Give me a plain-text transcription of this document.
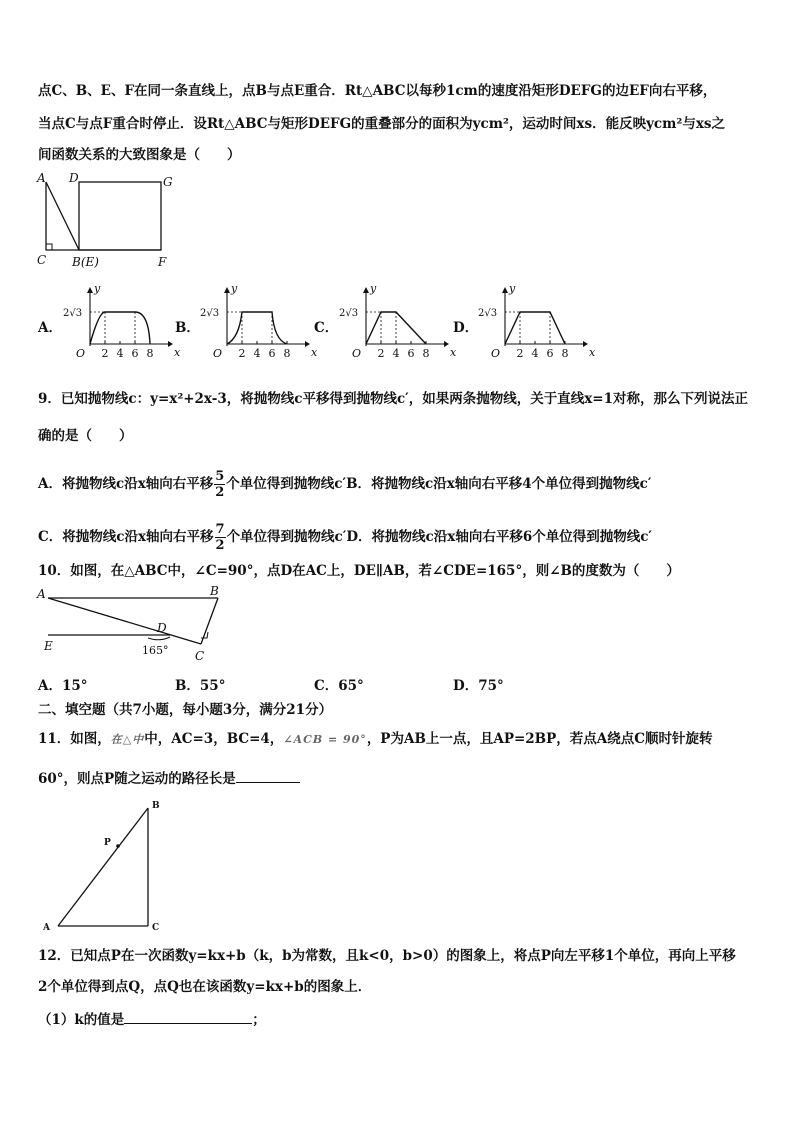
点C、B、E、F在同一条直线上，点B与点E重合．Rt△ABC以每秒1cm的速度沿矩形DEFG的边EF向右平移，
当点C与点F重合时停止．设Rt△ABC与矩形DEFG的重叠部分的面积为ycm²，运动时间xs．能反映ycm²与xs之
间函数关系的大致图象是（　　）
A D	G
C B(E)	F
A．	B．	C．	D．
y
x
O
2√3
2 4 6 8
y
x
O
2√3
2 4 6 8
y
x
O
2√3
2 4 6 8
y
x
O
2√3
2 4 6 8
9．已知抛物线c：y=x²+2x-3，将抛物线c平移得到抛物线c′，如果两条抛物线，关于直线x=1对称，那么下列说法正
确的是（　　）
A．将抛物线c沿x轴向右平移 $\frac{5}{2}$ 个单位得到抛物线c′B．将抛物线c沿x轴向右平移4个单位得到抛物线c′
C．将抛物线c沿x轴向右平移 $\frac{7}{2}$ 个单位得到抛物线c′D．将抛物线c沿x轴向右平移6个单位得到抛物线c′
10．如图，在△ABC中，∠C=90°，点D在AC上，DE∥AB，若∠CDE=165°，则∠B的度数为（　　）
A	B
D
E
C
165°
A．15°	B．55°	C．65°	D．75°
二、填空题（共7小题，每小题3分，满分21分）
11．如图，在△中中，AC=3，BC=4，∠ACB = 90°，P为AB上一点，且AP=2BP，若点A绕点C顺时针旋转
60°，则点P随之运动的路径长是
A
B
C
P
12．已知点P在一次函数y=kx+b（k，b为常数，且k<0，b>0）的图象上，将点P向左平移1个单位，再向上平移
2个单位得到点Q，点Q也在该函数y=kx+b的图象上．
（1）k的值是	；
